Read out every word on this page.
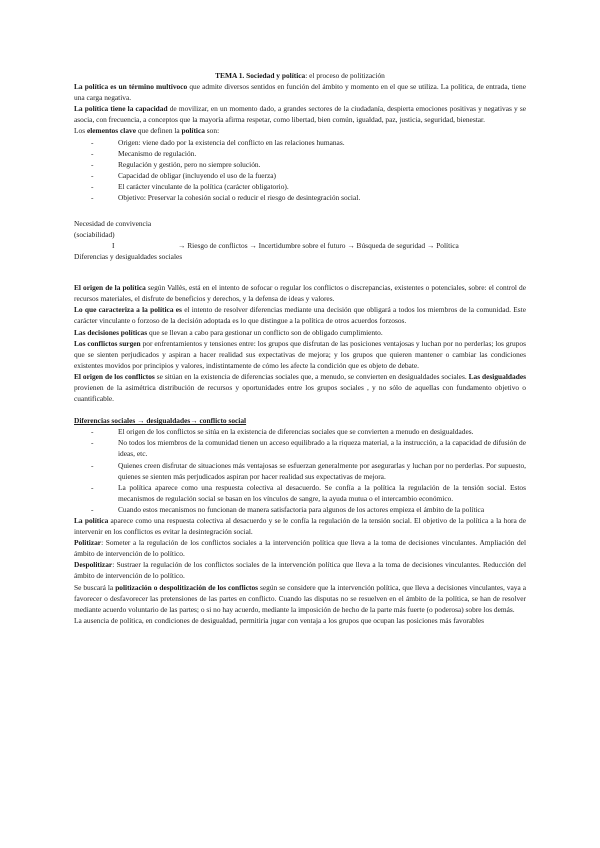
TEMA 1. Sociedad y política: el proceso de politización

La política es un término multívoco que admite diversos sentidos en función del ámbito y momento en el que se utiliza. La política, de entrada, tiene una carga negativa.

La política tiene la capacidad de movilizar, en un momento dado, a grandes sectores de la ciudadanía, despierta emociones positivas y negativas y se asocia, con frecuencia, a conceptos que la mayoría afirma respetar, como libertad, bien común, igualdad, paz, justicia, seguridad, bienestar.

Los elementos clave que definen la política son:

- Origen: viene dado por la existencia del conflicto en las relaciones humanas.
- Mecanismo de regulación.
- Regulación y gestión, pero no siempre solución.
- Capacidad de obligar (incluyendo el uso de la fuerza)
- El carácter vinculante de la política (carácter obligatorio).
- Objetivo: Preservar la cohesión social o reducir el riesgo de desintegración social.
Necesidad de convivencia (sociabilidad)
I
Diferencias y desigualdades sociales
→ Riesgo de conflictos → Incertidumbre sobre el futuro → Búsqueda de seguridad → Política

El origen de la política según Vallès, está en el intento de sofocar o regular los conflictos o discrepancias, existentes o potenciales, sobre: el control de recursos materiales, el disfrute de beneficios y derechos, y la defensa de ideas y valores.

Lo que caracteriza a la política es el intento de resolver diferencias mediante una decisión que obligará a todos los miembros de la comunidad. Este carácter vinculante o forzoso de la decisión adoptada es lo que distingue a la política de otros acuerdos forzosos.

Las decisiones políticas que se llevan a cabo para gestionar un conflicto son de obligado cumplimiento.

Los conflictos surgen por enfrentamientos y tensiones entre: los grupos que disfrutan de las posiciones ventajosas y luchan por no perderlas; los grupos que se sienten perjudicados y aspiran a hacer realidad sus expectativas de mejora; y los grupos que quieren mantener o cambiar las condiciones existentes movidos por principios y valores, indistintamente de cómo les afecte la condición que es objeto de debate.

El origen de los conflictos se sitúan en la existencia de diferencias sociales que, a menudo, se convierten en desigualdades sociales. Las desigualdades provienen de la asimétrica distribución de recursos y oportunidades entre los grupos sociales , y no sólo de aquellas con fundamento objetivo o cuantificable.

Diferencias sociales → desigualdades→ conflicto social

- El origen de los conflictos se sitúa en la existencia de diferencias sociales que se convierten a menudo en desigualdades.
- No todos los miembros de la comunidad tienen un acceso equilibrado a la riqueza material, a la instrucción, a la capacidad de difusión de ideas, etc.
- Quienes creen disfrutar de situaciones más ventajosas se esfuerzan generalmente por asegurarlas y luchan por no perderlas. Por supuesto, quienes se sienten más perjudicados aspiran por hacer realidad sus expectativas de mejora.
- La política aparece como una respuesta colectiva al desacuerdo. Se confía a la política la regulación de la tensión social. Estos mecanismos de regulación social se basan en los vínculos de sangre, la ayuda mutua o el intercambio económico.
- Cuando estos mecanismos no funcionan de manera satisfactoria para algunos de los actores empieza el ámbito de la política

La política aparece como una respuesta colectiva al desacuerdo y se le confía la regulación de la tensión social. El objetivo de la política a la hora de intervenir en los conflictos es evitar la desintegración social.

Politizar: Someter a la regulación de los conflictos sociales a la intervención política que lleva a la toma de decisiones vinculantes. Ampliación del ámbito de intervención de lo político.

Despolitizar: Sustraer la regulación de los conflictos sociales de la intervención política que lleva a la toma de decisiones vinculantes. Reducción del ámbito de intervención de lo político.

Se buscará la politización o despolitización de los conflictos según se considere que la intervención política, que lleva a decisiones vinculantes, vaya a favorecer o desfavorecer las pretensiones de las partes en conflicto. Cuando las disputas no se resuelven en el ámbito de la política, se han de resolver mediante acuerdo voluntario de las partes; o si no hay acuerdo, mediante la imposición de hecho de la parte más fuerte (o poderosa) sobre los demás.

La ausencia de política, en condiciones de desigualdad, permitiría jugar con ventaja a los grupos que ocupan las posiciones más favorables
